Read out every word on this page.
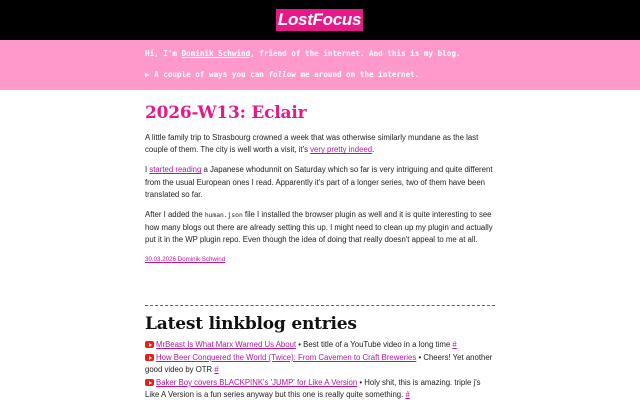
LostFocus
Hi, I'm Dominik Schwind, friend of the internet. And this is my blog.
▶ A couple of ways you can follow me around on the internet.
2026-W13: Eclair

A little family trip to Strasbourg crowned a week that was otherwise similarly mundane as the last couple of them. The city is well worth a visit, it's very pretty indeed.

I started reading a Japanese whodunnit on Saturday which so far is very intriguing and quite different from the usual European ones I read. Apparently it's part of a longer series, two of them have been translated so far.

After I added the human.json file I installed the browser plugin as well and it is quite interesting to see how many blogs out there are already setting this up. I might need to clean up my plugin and actually put it in the WP plugin repo. Even though the idea of doing that really doesn't appeal to me at all.

30.03.2026 Dominik Schwind

Latest linkblog entries
MrBeast Is What Marx Warned Us About • Best title of a YouTube video in a long time #
How Beer Conquered the World (Twice): From Cavemen to Craft Breweries • Cheers! Yet another good video by OTR #
Baker Boy covers BLACKPINK's 'JUMP' for Like A Version • Holy shit, this is amazing. triple j's Like A Version is a fun series anyway but this one is really quite something. #
